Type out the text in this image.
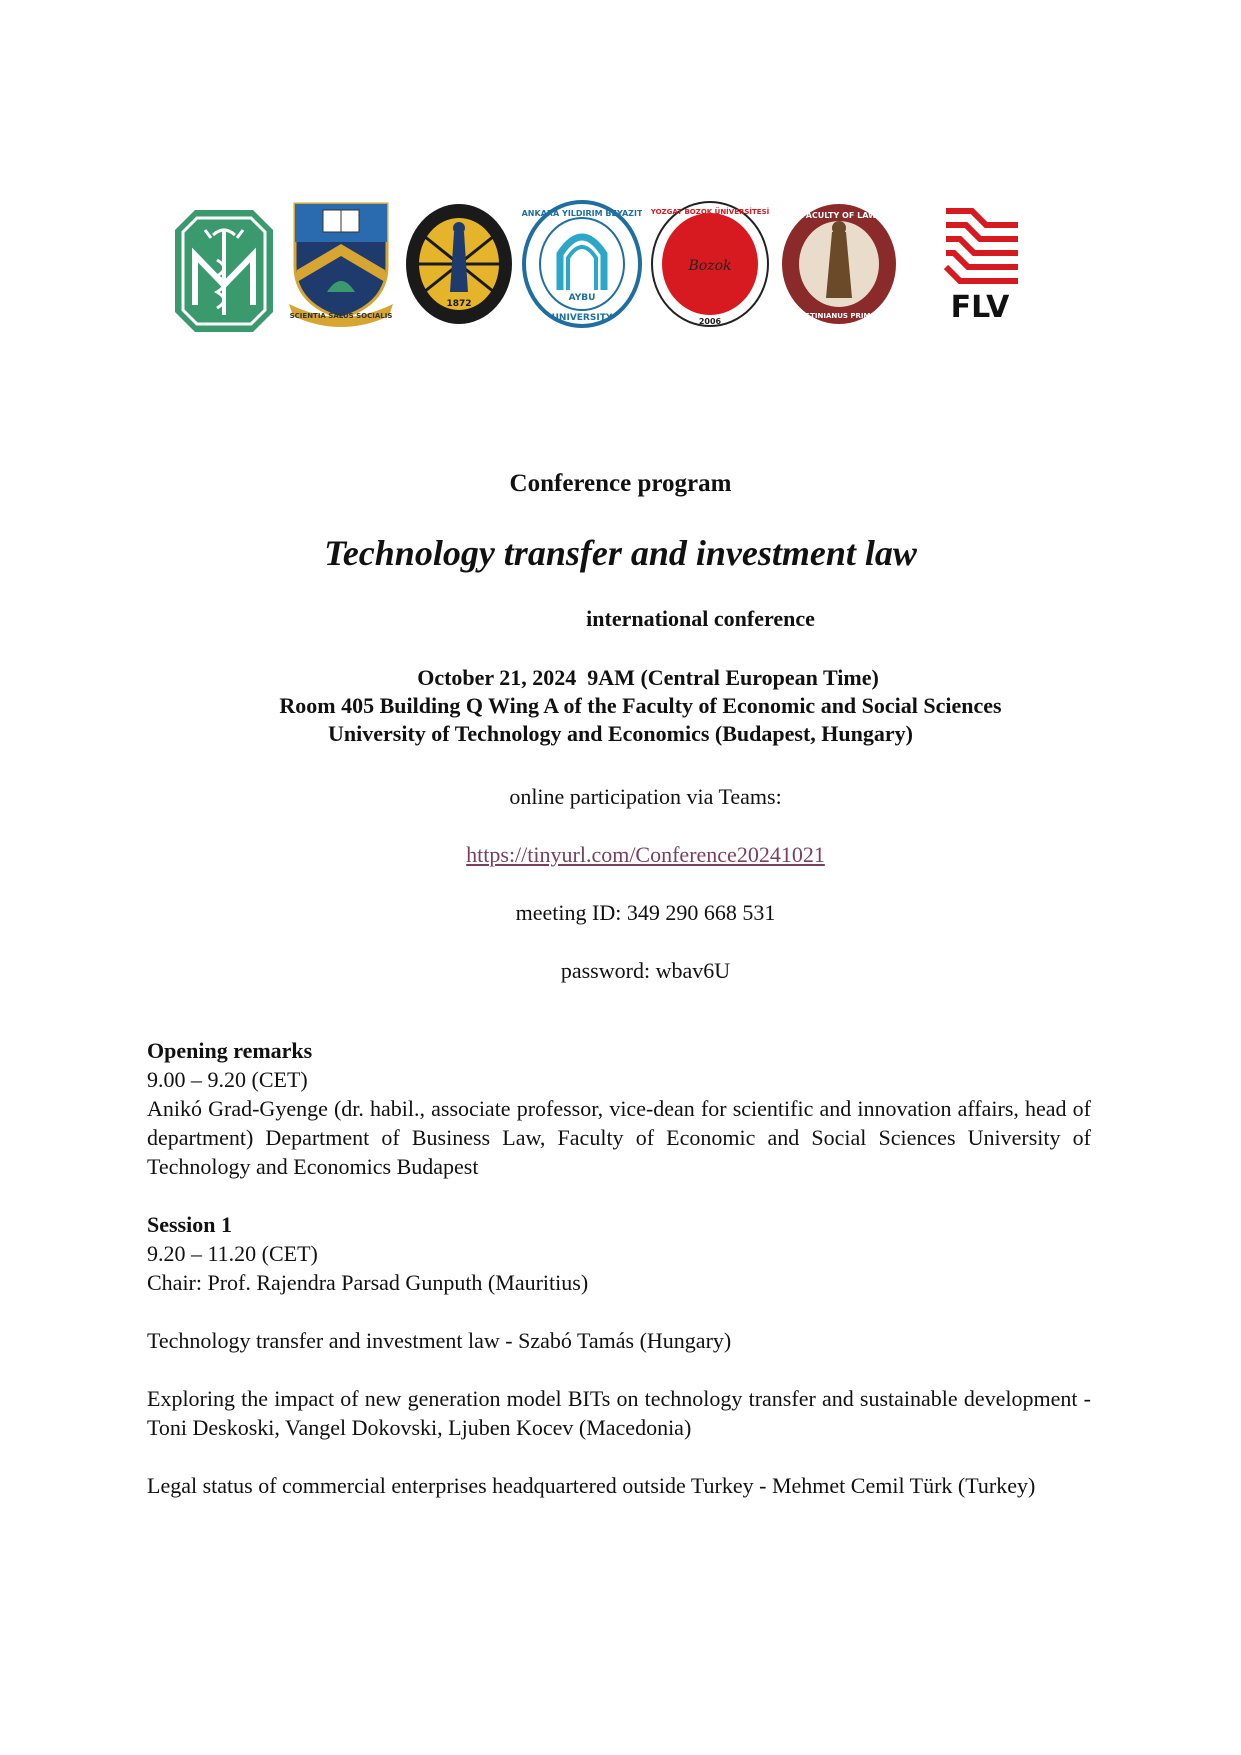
SCIENTIA SALUS SOCIALIS
1872
AYBU
ANKARA YILDIRIM BEYAZIT
UNIVERSITY
Bozok
YOZGAT BOZOK ÜNİVERSİTESİ
2006
FACULTY OF LAW
IUSTINIANUS PRIMUS FLV
Conference program
Technology transfer and investment law
international conference
October 21, 2024  9AM (Central European Time)
Room 405 Building Q Wing A of the Faculty of Economic and Social Sciences
University of Technology and Economics (Budapest, Hungary)
online participation via Teams:
https://tinyurl.com/Conference20241021
meeting ID: 349 290 668 531
password: wbav6U

Opening remarks

9.00 – 9.20 (CET)

Anikó Grad-Gyenge (dr. habil., associate professor, vice-dean for scientific and innovation affairs, head of department) Department of Business Law, Faculty of Economic and Social Sciences University of Technology and Economics Budapest

Session 1

9.20 – 11.20 (CET)

Chair: Prof. Rajendra Parsad Gunputh (Mauritius)

Technology transfer and investment law - Szabó Tamás (Hungary)

Exploring the impact of new generation model BITs on technology transfer and sustainable development - Toni Deskoski, Vangel Dokovski, Ljuben Kocev (Macedonia)

Legal status of commercial enterprises headquartered outside Turkey - Mehmet Cemil Türk (Turkey)
